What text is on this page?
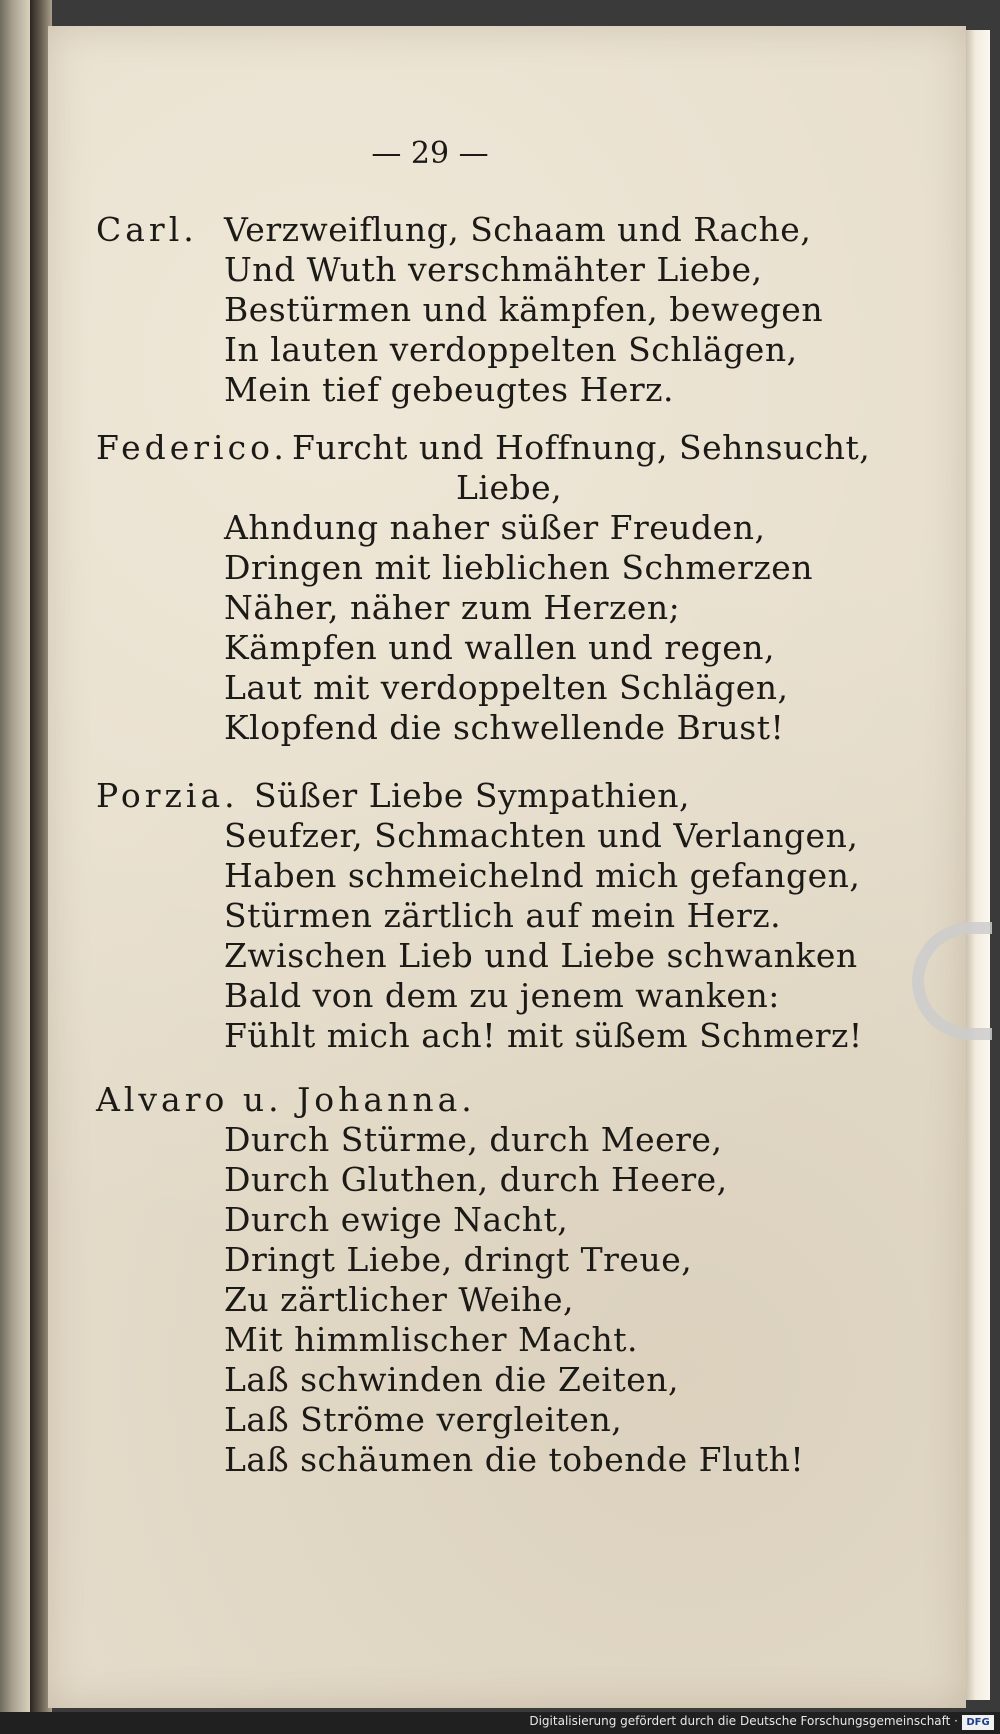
— 29 —
Carl. Verzweiflung, Schaam und Rache,
Und Wuth verschmähter Liebe,
Bestürmen und kämpfen, bewegen
In lauten verdoppelten Schlägen,
Mein tief gebeugtes Herz.
Federico. Furcht und Hoffnung, Sehnsucht,
Liebe,
Ahndung naher süßer Freuden,
Dringen mit lieblichen Schmerzen
Näher, näher zum Herzen;
Kämpfen und wallen und regen,
Laut mit verdoppelten Schlägen,
Klopfend die schwellende Brust!
Porzia. Süßer Liebe Sympathien,
Seufzer, Schmachten und Verlangen,
Haben schmeichelnd mich gefangen,
Stürmen zärtlich auf mein Herz.
Zwischen Lieb und Liebe schwanken
Bald von dem zu jenem wanken:
Fühlt mich ach! mit süßem Schmerz!
Alvaro u. Johanna.
Durch Stürme, durch Meere,
Durch Gluthen, durch Heere,
Durch ewige Nacht,
Dringt Liebe, dringt Treue,
Zu zärtlicher Weihe,
Mit himmlischer Macht.
Laß schwinden die Zeiten,
Laß Ströme vergleiten,
Laß schäumen die tobende Fluth!
Digitalisierung gefördert durch die Deutsche Forschungsgemeinschaft · DFG
